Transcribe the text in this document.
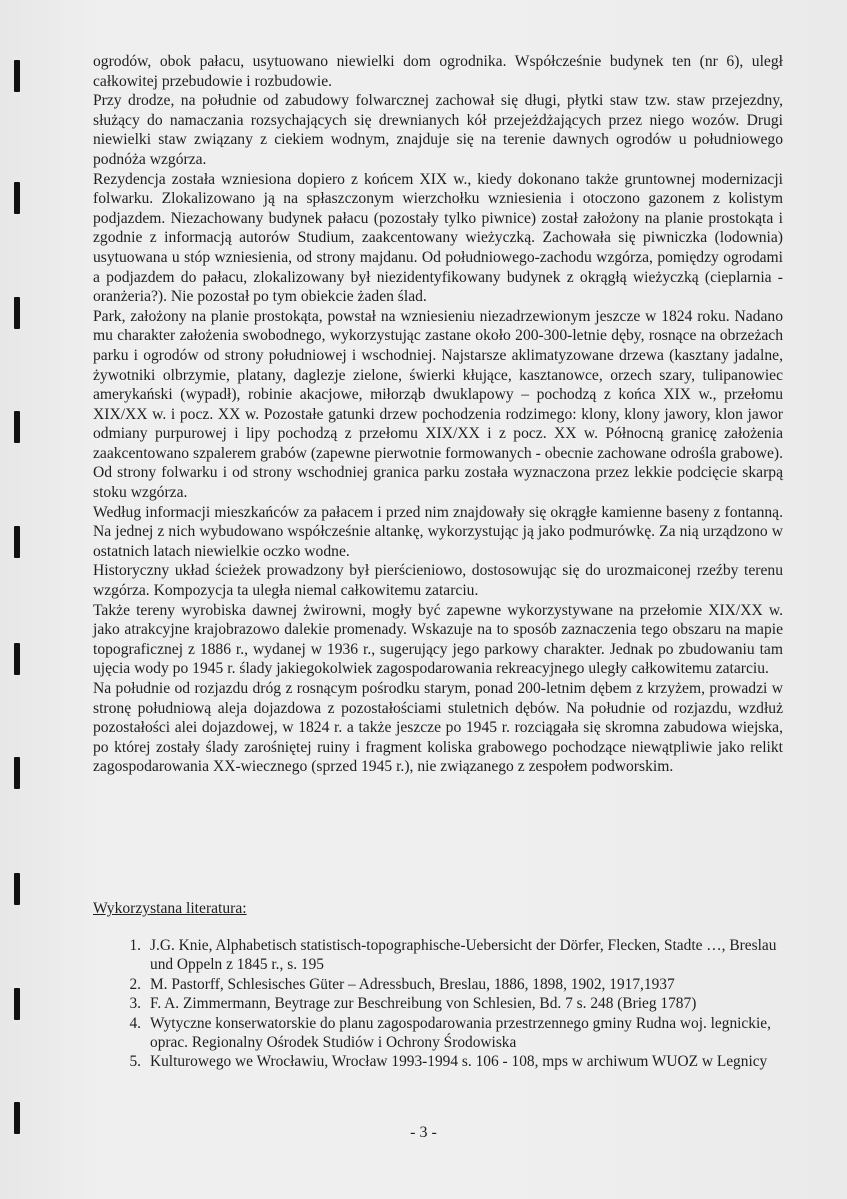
ogrodów, obok pałacu, usytuowano niewielki dom ogrodnika. Współcześnie budynek ten (nr 6), uległ całkowitej przebudowie i rozbudowie.

Przy drodze, na południe od zabudowy folwarcznej zachował się długi, płytki staw tzw. staw przejezdny, służący do namaczania rozsychających się drewnianych kół przejeżdżających przez niego wozów. Drugi niewielki staw związany z ciekiem wodnym, znajduje się na terenie dawnych ogrodów u południowego podnóża wzgórza.

Rezydencja została wzniesiona dopiero z końcem XIX w., kiedy dokonano także gruntownej modernizacji folwarku. Zlokalizowano ją na spłaszczonym wierzchołku wzniesienia i otoczono gazonem z kolistym podjazdem. Niezachowany budynek pałacu (pozostały tylko piwnice) został założony na planie prostokąta i zgodnie z informacją autorów Studium, zaakcentowany wieżyczką. Zachowała się piwniczka (lodownia) usytuowana u stóp wzniesienia, od strony majdanu. Od południowego-zachodu wzgórza, pomiędzy ogrodami a podjazdem do pałacu, zlokalizowany był niezidentyfikowany budynek z okrągłą wieżyczką (cieplarnia - oranżeria?). Nie pozostał po tym obiekcie żaden ślad.

Park, założony na planie prostokąta, powstał na wzniesieniu niezadrzewionym jeszcze w 1824 roku. Nadano mu charakter założenia swobodnego, wykorzystując zastane około 200-300-letnie dęby, rosnące na obrzeżach parku i ogrodów od strony południowej i wschodniej. Najstarsze aklimatyzowane drzewa (kasztany jadalne, żywotniki olbrzymie, platany, daglezje zielone, świerki kłujące, kasztanowce, orzech szary, tulipanowiec amerykański (wypadł), robinie akacjowe, miłorząb dwuklapowy – pochodzą z końca XIX w., przełomu XIX/XX w. i pocz. XX w. Pozostałe gatunki drzew pochodzenia rodzimego: klony, klony jawory, klon jawor odmiany purpurowej i lipy pochodzą z przełomu XIX/XX i z pocz. XX w. Północną granicę założenia zaakcentowano szpalerem grabów (zapewne pierwotnie formowanych - obecnie zachowane odrośla grabowe). Od strony folwarku i od strony wschodniej granica parku została wyznaczona przez lekkie podcięcie skarpą stoku wzgórza.

Według informacji mieszkańców za pałacem i przed nim znajdowały się okrągłe kamienne baseny z fontanną. Na jednej z nich wybudowano współcześnie altankę, wykorzystując ją jako podmurówkę. Za nią urządzono w ostatnich latach niewielkie oczko wodne.

Historyczny układ ścieżek prowadzony był pierścieniowo, dostosowując się do urozmaiconej rzeźby terenu wzgórza. Kompozycja ta uległa niemal całkowitemu zatarciu.

Także tereny wyrobiska dawnej żwirowni, mogły być zapewne wykorzystywane na przełomie XIX/XX w. jako atrakcyjne krajobrazowo dalekie promenady. Wskazuje na to sposób zaznaczenia tego obszaru na mapie topograficznej z 1886 r., wydanej w 1936 r., sugerujący jego parkowy charakter. Jednak po zbudowaniu tam ujęcia wody po 1945 r. ślady jakiegokolwiek zagospodarowania rekreacyjnego uległy całkowitemu zatarciu.

Na południe od rozjazdu dróg z rosnącym pośrodku starym, ponad 200-letnim dębem z krzyżem, prowadzi w stronę południową aleja dojazdowa z pozostałościami stuletnich dębów. Na południe od rozjazdu, wzdłuż pozostałości alei dojazdowej, w 1824 r. a także jeszcze po 1945 r. rozciągała się skromna zabudowa wiejska, po której zostały ślady zarośniętej ruiny i fragment koliska grabowego pochodzące niewątpliwie jako relikt zagospodarowania XX-wiecznego (sprzed 1945 r.), nie związanego z zespołem podworskim.

Wykorzystana literatura:
1. J.G. Knie, Alphabetisch statistisch-topographische-Uebersicht der Dörfer, Flecken, Stadte …, Breslau und Oppeln z 1845 r., s. 195
2. M. Pastorff, Schlesisches Güter – Adressbuch, Breslau, 1886, 1898, 1902, 1917,1937
3. F. A. Zimmermann, Beytrage zur Beschreibung von Schlesien, Bd. 7 s. 248 (Brieg 1787)
4. Wytyczne konserwatorskie do planu zagospodarowania przestrzennego gminy Rudna woj. legnickie, oprac. Regionalny Ośrodek Studiów i Ochrony Środowiska
5. Kulturowego we Wrocławiu, Wrocław 1993-1994 s. 106 - 108, mps w archiwum WUOZ w Legnicy
- 3 -
